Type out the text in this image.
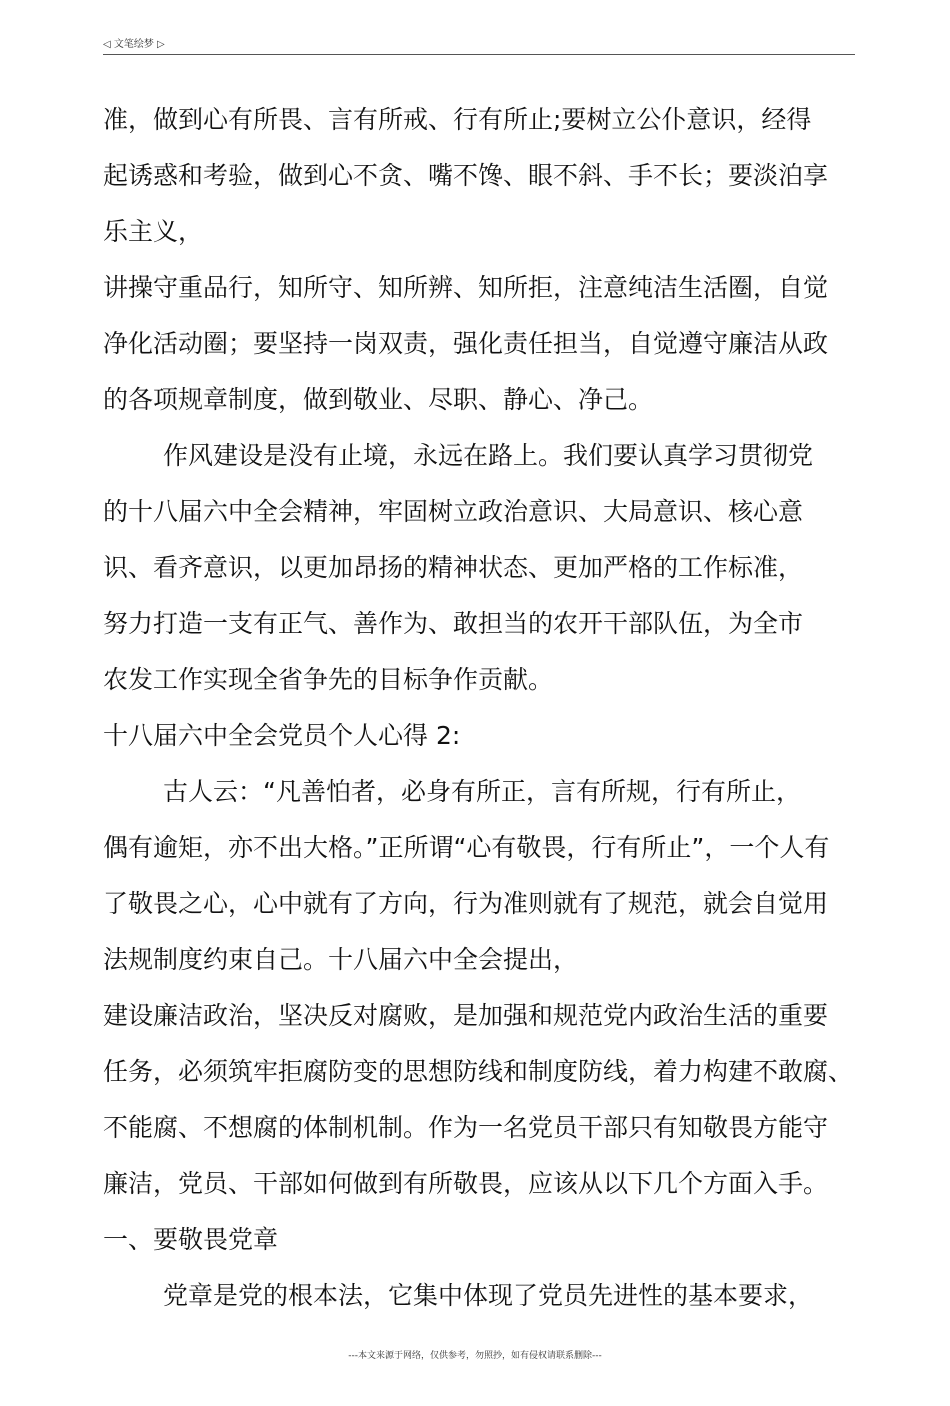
◁ 文笔绘梦 ▷
准，做到心有所畏、言有所戒、行有所止;要树立公仆意识，经得
起诱惑和考验，做到心不贪、嘴不馋、眼不斜、手不长；要淡泊享
乐主义，
讲操守重品行，知所守、知所辨、知所拒，注意纯洁生活圈，自觉
净化活动圈；要坚持一岗双责，强化责任担当，自觉遵守廉洁从政
的各项规章制度，做到敬业、尽职、静心、净己。
作风建设是没有止境，永远在路上。我们要认真学习贯彻党
的十八届六中全会精神，牢固树立政治意识、大局意识、核心意
识、看齐意识，以更加昂扬的精神状态、更加严格的工作标准，
努力打造一支有正气、善作为、敢担当的农开干部队伍，为全市
农发工作实现全省争先的目标争作贡献。
十八届六中全会党员个人心得 2:
古人云：“凡善怕者，必身有所正，言有所规，行有所止，
偶有逾矩，亦不出大格。”正所谓“心有敬畏，行有所止”，一个人有
了敬畏之心，心中就有了方向，行为准则就有了规范，就会自觉用
法规制度约束自己。十八届六中全会提出，
建设廉洁政治，坚决反对腐败，是加强和规范党内政治生活的重要
任务，必须筑牢拒腐防变的思想防线和制度防线，着力构建不敢腐、
不能腐、不想腐的体制机制。作为一名党员干部只有知敬畏方能守
廉洁，党员、干部如何做到有所敬畏，应该从以下几个方面入手。
一、要敬畏党章
党章是党的根本法，它集中体现了党员先进性的基本要求，
---本文来源于网络，仅供参考，勿照抄，如有侵权请联系删除---
